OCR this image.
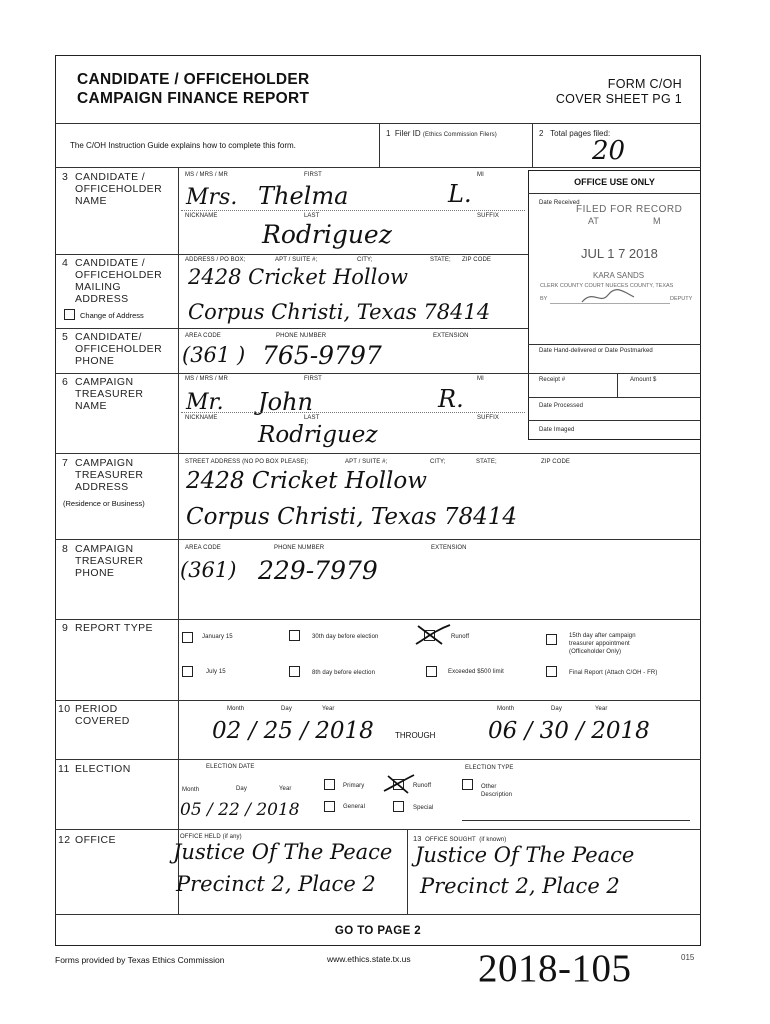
CANDIDATE / OFFICEHOLDER
CAMPAIGN FINANCE REPORT
FORM C/OH
COVER SHEET PG 1
The C/OH Instruction Guide explains how to complete this form.
1 Filer ID (Ethics Commission Filers)	2 Total pages filed:
20
OFFICE USE ONLY
Date Received
FILED FOR RECORD
AT	M
JUL 1 7 2018
KARA SANDS
CLERK COUNTY COURT NUECES COUNTY, TEXAS
BY	DEPUTY
Date Hand-delivered or Date Postmarked
Receipt #	Amount $
Date Processed
Date Imaged
3 CANDIDATE /
OFFICEHOLDER
NAME
MS / MRS / MR	FIRST	MI
Mrs. Thelma	L.
NICKNAME	LAST	SUFFIX
Rodriguez
4 CANDIDATE /
OFFICEHOLDER
MAILING
ADDRESS
Change of Address
ADDRESS / PO BOX;	APT / SUITE #;	CITY;	STATE; ZIP CODE
2428 Cricket Hollow
Corpus Christi, Texas 78414
5 CANDIDATE/
OFFICEHOLDER
PHONE
AREA CODE	PHONE NUMBER	EXTENSION
(361 ) 765-9797
6 CAMPAIGN
TREASURER
NAME
MS / MRS / MR	FIRST	MI
Mr. John	R.
NICKNAME	LAST	SUFFIX
Rodriguez
7 CAMPAIGN
TREASURER
ADDRESS
(Residence or Business)
STREET ADDRESS (NO PO BOX PLEASE);	APT / SUITE #;	CITY;	STATE;	ZIP CODE
2428 Cricket Hollow
Corpus Christi, Texas 78414
8 CAMPAIGN
TREASURER
PHONE
AREA CODE	PHONE NUMBER	EXTENSION
(361) 229-7979
9 REPORT TYPE
January 15	30th day before election	Runoff	15th day after campaign
treasurer appointment
(Officeholder Only)
July 15	8th day before election	Exceeded $500 limit	Final Report (Attach C/OH - FR)
10 PERIOD
COVERED
Month	Day	Year	Month	Day	Year
02 / 25 / 2018	THROUGH 06 / 30 / 2018
11 ELECTION	ELECTION DATE	ELECTION TYPE
Month	Day	Year
05 / 22 / 2018
Primary	Runoff	Other
Description
General	Special
12 OFFICE	OFFICE HELD (if any)
Justice Of The Peace
Precinct 2, Place 2
13 OFFICE SOUGHT (if known)
Justice Of The Peace
Precinct 2, Place 2
GO TO PAGE 2
Forms provided by Texas Ethics Commission	www.ethics.state.tx.us	015
2018-105
